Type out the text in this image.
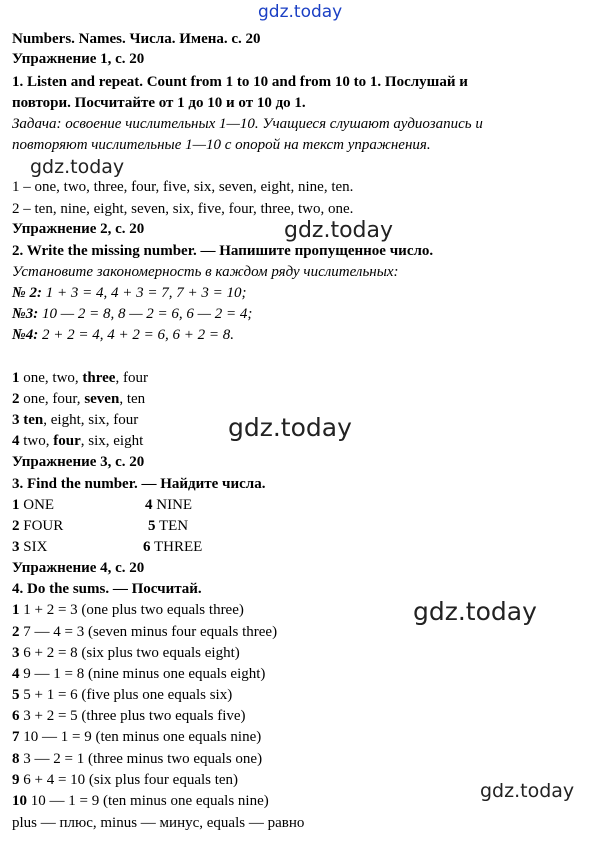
gdz.today
gdz.today
gdz.today
gdz.today
gdz.today
gdz.today
Numbers. Names. Числа. Имена. с. 20
Упражнение 1, с. 20
1. Listen and repeat. Count from 1 to 10 and from 10 to 1. Послушай и
повтори. Посчитайте от 1 до 10 и от 10 до 1.
Задача: освоение числительных 1—10. Учащиеся слушают аудиозапись и
повторяют числительные 1—10 с опорой на текст упражнения.
1 – one, two, three, four, five, six, seven, eight, nine, ten.
2 – ten, nine, eight, seven, six, five, four, three, two, one.
Упражнение 2, с. 20
2. Write the missing number. — Напишите пропущенное число.
Установите закономерность в каждом ряду числительных:
№ 2: 1 + 3 = 4, 4 + 3 = 7, 7 + 3 = 10;
№3: 10 — 2 = 8, 8 — 2 = 6, 6 — 2 = 4;
№4: 2 + 2 = 4, 4 + 2 = 6, 6 + 2 = 8.
1 one, two, three, four
2 one, four, seven, ten
3 ten, eight, six, four
4 two, four, six, eight
Упражнение 3, с. 20
3. Find the number. — Найдите числа.
1 ONE	4 NINE
2 FOUR	5 TEN
3 SIX	6 THREE
Упражнение 4, с. 20
4. Do the sums. — Посчитай.
1 1 + 2 = 3 (one plus two equals three)
2 7 — 4 = 3 (seven minus four equals three)
3 6 + 2 = 8 (six plus two equals eight)
4 9 — 1 = 8 (nine minus one equals eight)
5 5 + 1 = 6 (five plus one equals six)
6 3 + 2 = 5 (three plus two equals five)
7 10 — 1 = 9 (ten minus one equals nine)
8 3 — 2 = 1 (three minus two equals one)
9 6 + 4 = 10 (six plus four equals ten)
10 10 — 1 = 9 (ten minus one equals nine)
plus — плюс, minus — минус, equals — равно
